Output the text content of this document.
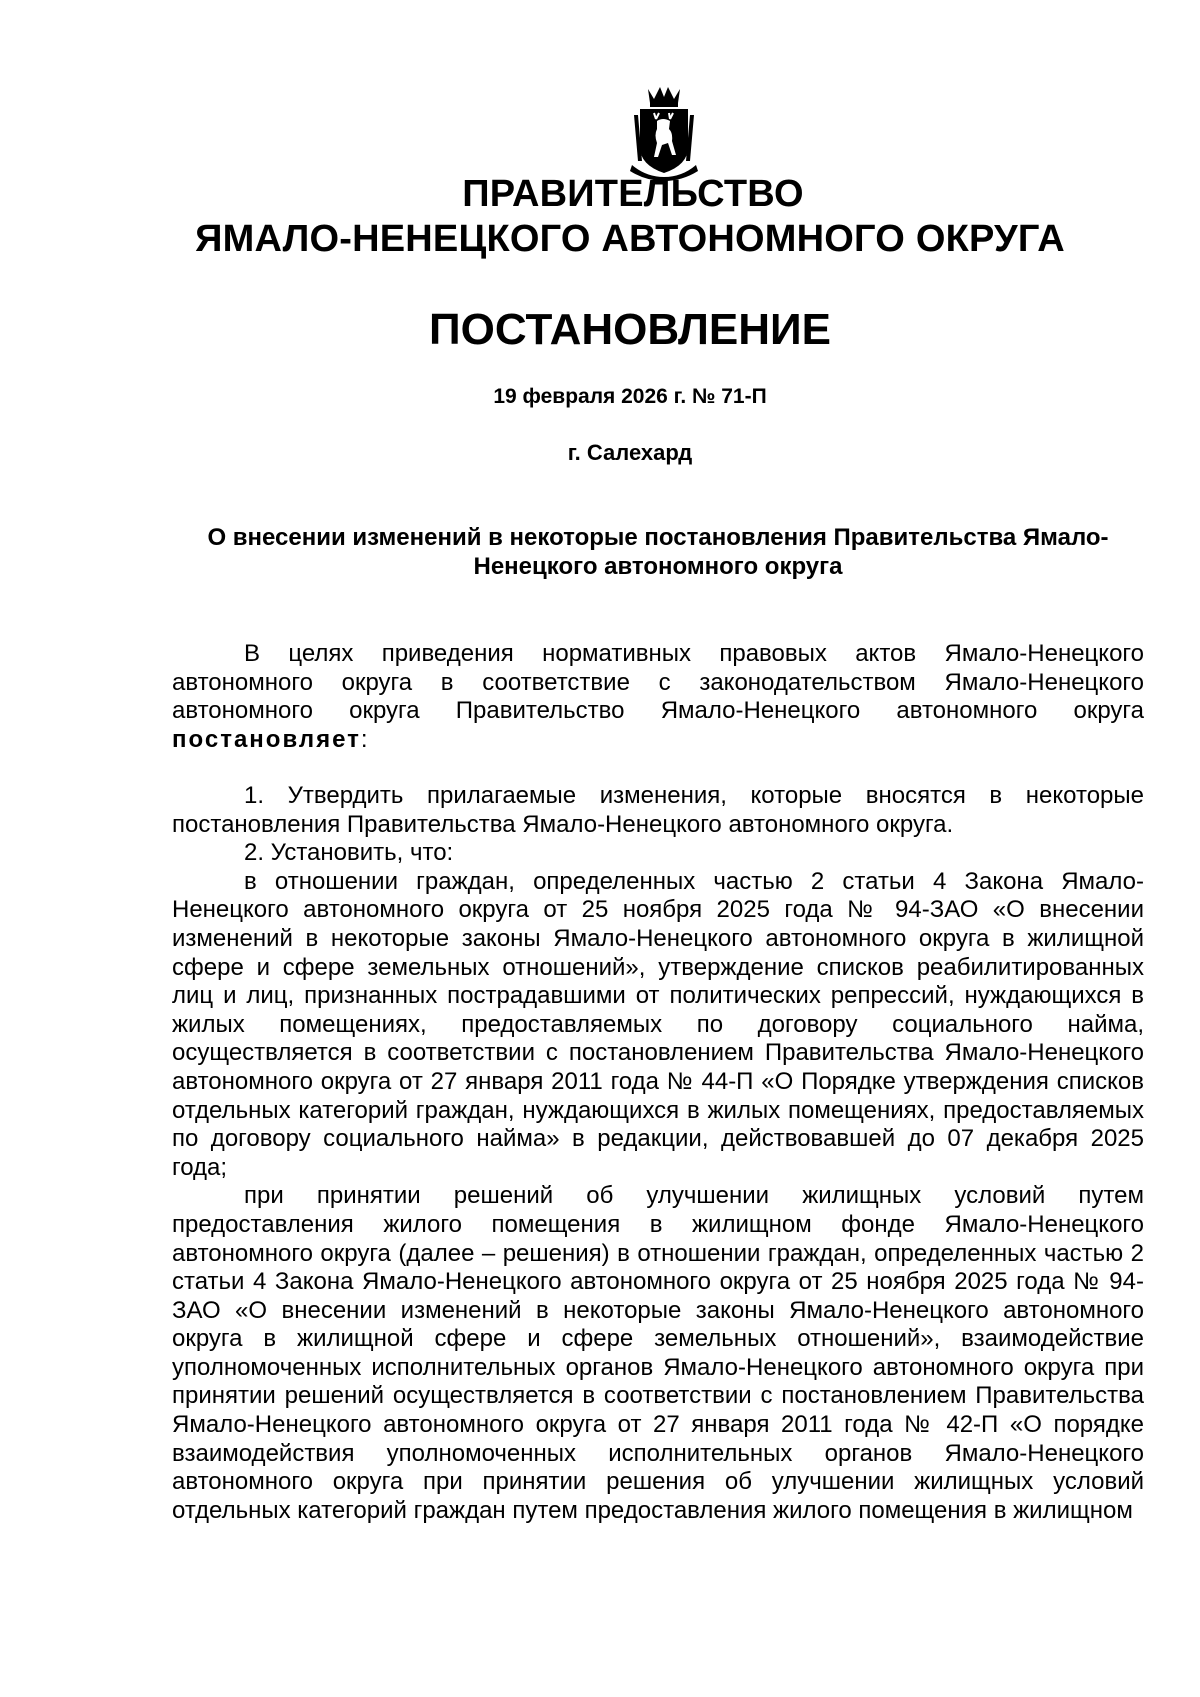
ПРАВИТЕЛЬСТВО
ЯМАЛО-НЕНЕЦКОГО АВТОНОМНОГО ОКРУГА
ПОСТАНОВЛЕНИЕ
19 февраля 2026 г. № 71-П
г. Салехард
О внесении изменений в некоторые постановления Правительства Ямало-Ненецкого автономного округа

В целях приведения нормативных правовых актов Ямало-Ненецкого автономного округа в соответствие с законодательством Ямало-Ненецкого автономного округа Правительство Ямало-Ненецкого автономного округа постановляет:

1. Утвердить прилагаемые изменения, которые вносятся в некоторые постановления Правительства Ямало-Ненецкого автономного округа.

2. Установить, что:

в отношении граждан, определенных частью 2 статьи 4 Закона Ямало-Ненецкого автономного округа от 25 ноября 2025 года № 94-ЗАО «О внесении изменений в некоторые законы Ямало-Ненецкого автономного округа в жилищной сфере и сфере земельных отношений», утверждение списков реабилитированных лиц и лиц, признанных пострадавшими от политических репрессий, нуждающихся в жилых помещениях, предоставляемых по договору социального найма, осуществляется в соответствии с постановлением Правительства Ямало-Ненецкого автономного округа от 27 января 2011 года № 44-П «О Порядке утверждения списков отдельных категорий граждан, нуждающихся в жилых помещениях, предоставляемых по договору социального найма» в редакции, действовавшей до 07 декабря 2025 года;

при принятии решений об улучшении жилищных условий путем предоставления жилого помещения в жилищном фонде Ямало-Ненецкого автономного округа (далее – решения) в отношении граждан, определенных частью 2 статьи 4 Закона Ямало-Ненецкого автономного округа от 25 ноября 2025 года № 94-ЗАО «О внесении изменений в некоторые законы Ямало-Ненецкого автономного округа в жилищной сфере и сфере земельных отношений», взаимодействие уполномоченных исполнительных органов Ямало-Ненецкого автономного округа при принятии решений осуществляется в соответствии с постановлением Правительства Ямало-Ненецкого автономного округа от 27 января 2011 года № 42-П «О порядке взаимодействия уполномоченных исполнительных органов Ямало-Ненецкого автономного округа при принятии решения об улучшении жилищных условий отдельных категорий граждан путем предоставления жилого помещения в жилищном
